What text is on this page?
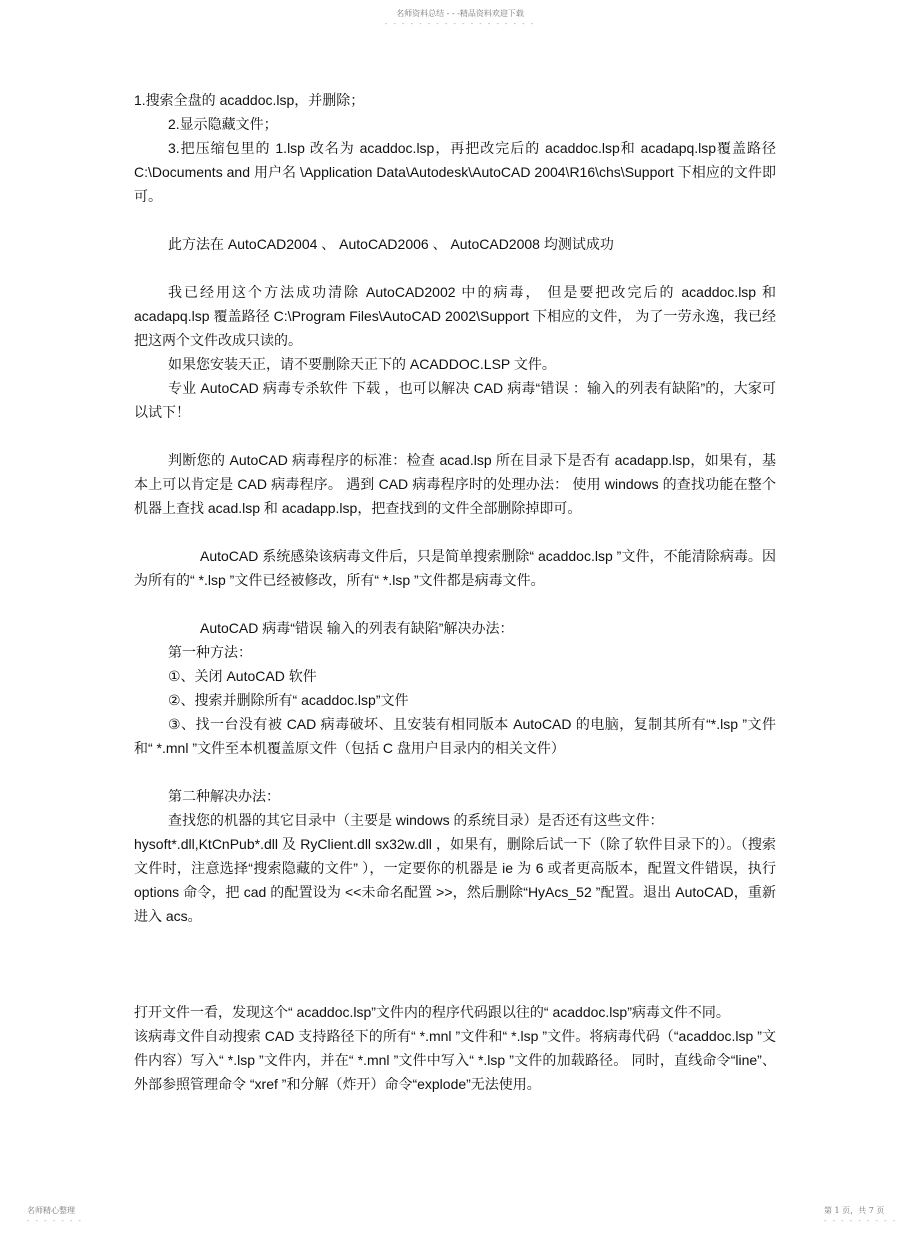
名师资料总结 - - -精品资料欢迎下载
- - - - - - - - - - - - - - - - - -

1.搜索全盘的 acaddoc.lsp，并删除；

2.显示隐藏文件；

3.把压缩包里的 1.lsp 改名为 acaddoc.lsp，再把改完后的 acaddoc.lsp和 acadapq.lsp覆盖路径 C:\Documents and 用户名 \Application Data\Autodesk\AutoCAD 2004\R16\chs\Support 下相应的文件即可。

此方法在 AutoCAD2004 、 AutoCAD2006 、 AutoCAD2008 均测试成功

我已经用这个方法成功清除 AutoCAD2002 中的病毒， 但是要把改完后的 acaddoc.lsp 和 acadapq.lsp 覆盖路径 C:\Program Files\AutoCAD 2002\Support 下相应的文件， 为了一劳永逸，我已经把这两个文件改成只读的。

如果您安装天正，请不要删除天正下的 ACADDOC.LSP 文件。

专业 AutoCAD 病毒专杀软件 下载 ，也可以解决 CAD 病毒“错误 ：输入的列表有缺陷”的，大家可以试下！

判断您的 AutoCAD 病毒程序的标准：检查 acad.lsp 所在目录下是否有 acadapp.lsp，如果有，基本上可以肯定是 CAD 病毒程序。 遇到 CAD 病毒程序时的处理办法： 使用 windows 的查找功能在整个机器上查找 acad.lsp 和 acadapp.lsp，把查找到的文件全部删除掉即可。

AutoCAD 系统感染该病毒文件后，只是简单搜索删除“ acaddoc.lsp ”文件，不能清除病毒。因为所有的“ *.lsp ”文件已经被修改，所有“ *.lsp ”文件都是病毒文件。

AutoCAD 病毒“错误 输入的列表有缺陷”解决办法：

第一种方法：

①、关闭 AutoCAD 软件

②、搜索并删除所有“ acaddoc.lsp”文件

③、找一台没有被 CAD 病毒破坏、且安装有相同版本 AutoCAD 的电脑，复制其所有“*.lsp ”文件和“ *.mnl ”文件至本机覆盖原文件（包括 C 盘用户目录内的相关文件）

第二种解决办法：

查找您的机器的其它目录中（主要是 windows 的系统目录）是否还有这些文件：

hysoft*.dll,KtCnPub*.dll 及 RyClient.dll sx32w.dll ，如果有，删除后试一下（除了软件目录下的）。（搜索文件时，注意选择“搜索隐藏的文件” ），一定要你的机器是 ie 为 6 或者更高版本，配置文件错误，执行 options 命令，把 cad 的配置设为 <<未命名配置 >>，然后删除“HyAcs_52 ”配置。退出 AutoCAD，重新进入 acs。

打开文件一看，发现这个“ acaddoc.lsp”文件内的程序代码跟以往的“ acaddoc.lsp”病毒文件不同。

该病毒文件自动搜索 CAD 支持路径下的所有“ *.mnl ”文件和“ *.lsp ”文件。将病毒代码（“acaddoc.lsp ”文件内容）写入“ *.lsp ”文件内，并在“ *.mnl ”文件中写入“ *.lsp ”文件的加载路径。 同时，直线命令“line”、外部参照管理命令 “xref ”和分解（炸开）命令“explode”无法使用。

名师精心整理
- - - - - - -
第 1 页，共 7 页
- - - - - - - - -
